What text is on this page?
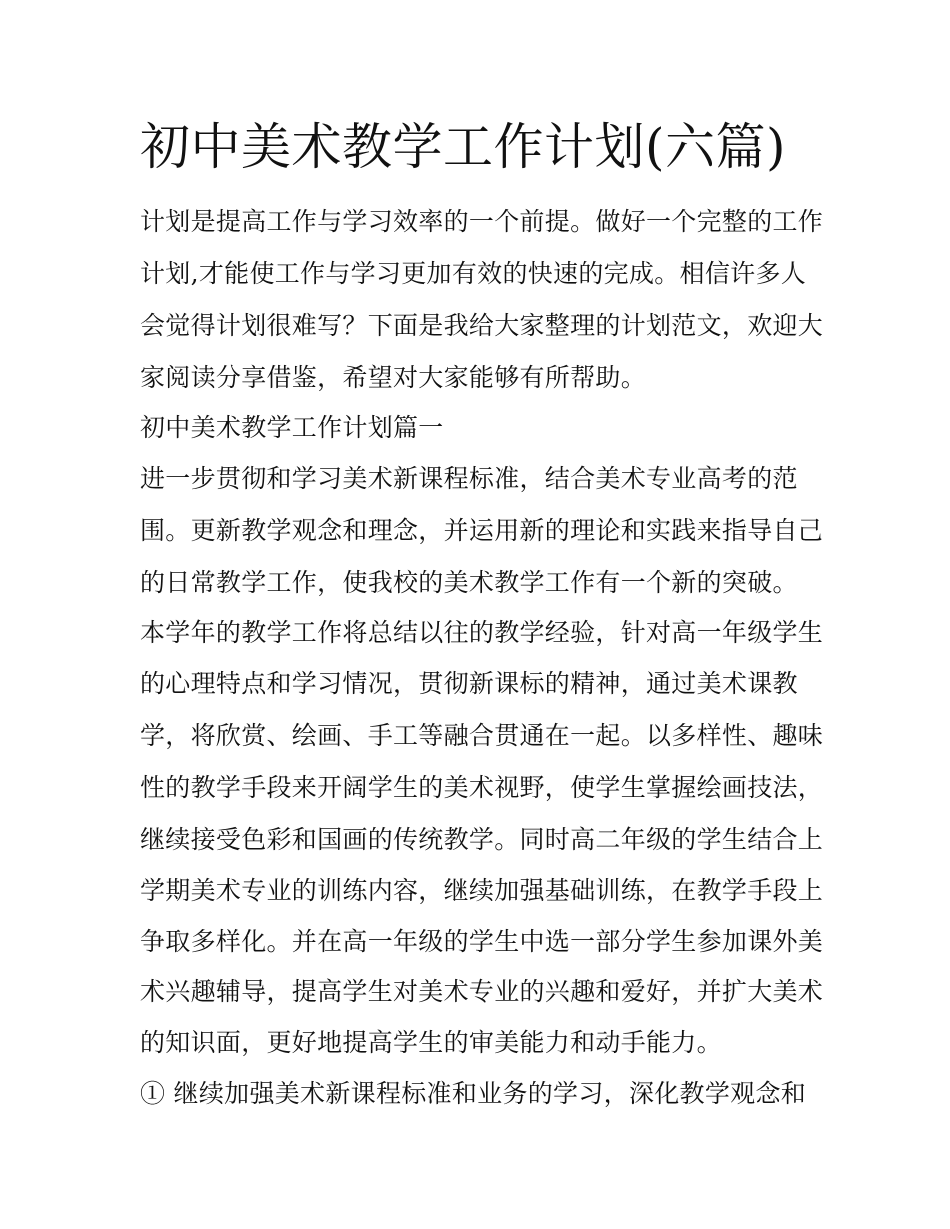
初中美术教学工作计划(六篇)

计划是提高工作与学习效率的一个前提。做好一个完整的工作

计划,才能使工作与学习更加有效的快速的完成。相信许多人

会觉得计划很难写？下面是我给大家整理的计划范文，欢迎大

家阅读分享借鉴，希望对大家能够有所帮助。

初中美术教学工作计划篇一

进一步贯彻和学习美术新课程标准，结合美术专业高考的范

围。更新教学观念和理念，并运用新的理论和实践来指导自己

的日常教学工作，使我校的美术教学工作有一个新的突破。

本学年的教学工作将总结以往的教学经验，针对高一年级学生

的心理特点和学习情况，贯彻新课标的精神，通过美术课教

学，将欣赏、绘画、手工等融合贯通在一起。以多样性、趣味

性的教学手段来开阔学生的美术视野，使学生掌握绘画技法，

继续接受色彩和国画的传统教学。同时高二年级的学生结合上

学期美术专业的训练内容，继续加强基础训练，在教学手段上

争取多样化。并在高一年级的学生中选一部分学生参加课外美

术兴趣辅导，提高学生对美术专业的兴趣和爱好，并扩大美术

的知识面，更好地提高学生的审美能力和动手能力。

① 继续加强美术新课程标准和业务的学习，深化教学观念和
